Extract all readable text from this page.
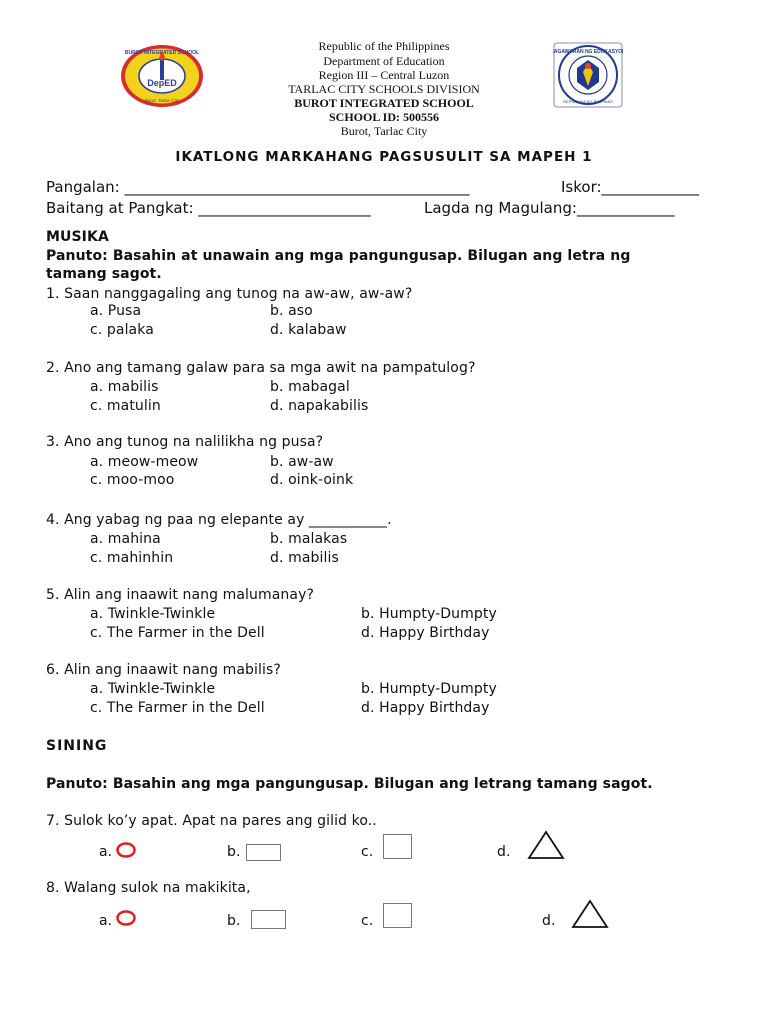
DepED
BUROT INTEGRATED SCHOOL
Burot, Tarlac City
KAGAWARAN NG EDUKASYON
REPUBLIKA NG PILIPINAS
Republic of the Philippines
Department of Education
Region III – Central Luzon
TARLAC CITY SCHOOLS DIVISION
BUROT INTEGRATED SCHOOL
SCHOOL ID: 500556
Burot, Tarlac City
IKATLONG MARKAHANG PAGSUSULIT SA MAPEH 1
Pangalan: ______________________________________________	Iskor:_____________
Baitang at Pangkat: _______________________	Lagda ng Magulang:_____________
MUSIKA
Panuto: Basahin at unawain ang mga pangungusap. Bilugan ang letra ng
tamang sagot.
1. Saan nanggagaling ang tunog na aw-aw, aw-aw?
a. Pusa	b. aso
c. palaka	d. kalabaw
2. Ano ang tamang galaw para sa mga awit na pampatulog?
a. mabilis	b. mabagal
c. matulin	d. napakabilis
3. Ano ang tunog na nalilikha ng pusa?
a. meow-meow	b. aw-aw
c. moo-moo	d. oink-oink
4. Ang yabag ng paa ng elepante ay ___________.
a. mahina	b. malakas
c. mahinhin	d. mabilis
5. Alin ang inaawit nang malumanay?
a. Twinkle-Twinkle	b. Humpty-Dumpty
c. The Farmer in the Dell	d. Happy Birthday
6. Alin ang inaawit nang mabilis?
a. Twinkle-Twinkle	b. Humpty-Dumpty
c. The Farmer in the Dell	d. Happy Birthday
SINING
Panuto: Basahin ang mga pangungusap. Bilugan ang letrang tamang sagot.
7. Sulok ko’y apat. Apat na pares ang gilid ko..
a.	b.	c.	d.
8. Walang sulok na makikita,
a.	b.	c.	d.
